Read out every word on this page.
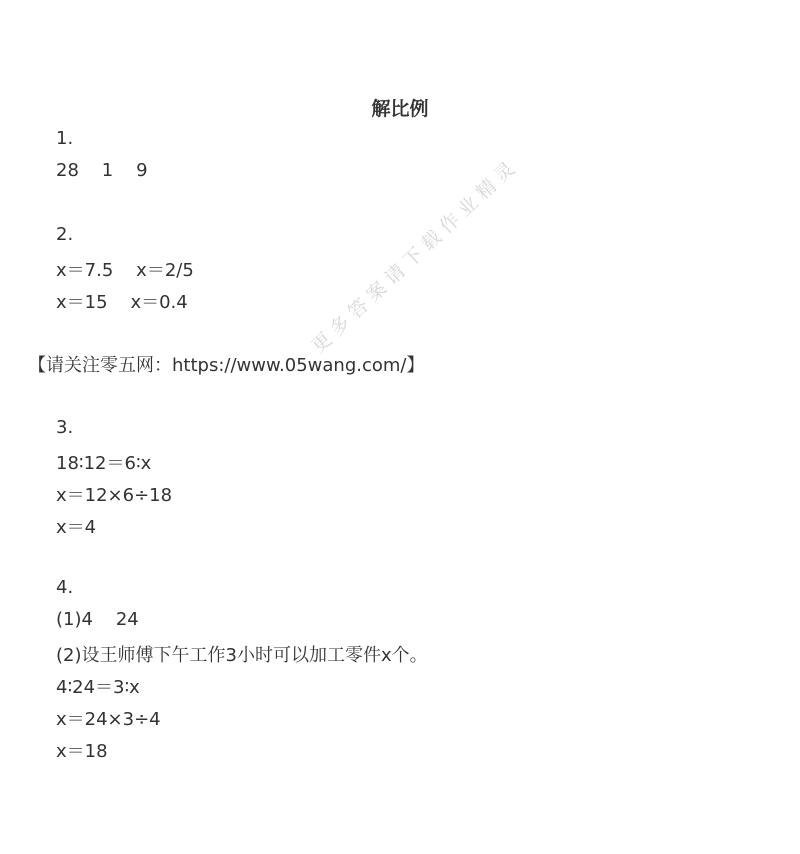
解比例
1.
28    1    9
2.
x＝7.5    x＝2/5
x＝15    x＝0.4
【请关注零五网：https://www.05wang.com/】
3.
18∶12＝6∶x
x＝12×6÷18
x＝4
4.
(1)4    24
(2)设王师傅下午工作3小时可以加工零件x个。
4∶24＝3∶x
x＝24×3÷4
x＝18
更多答案请下载作业精灵
